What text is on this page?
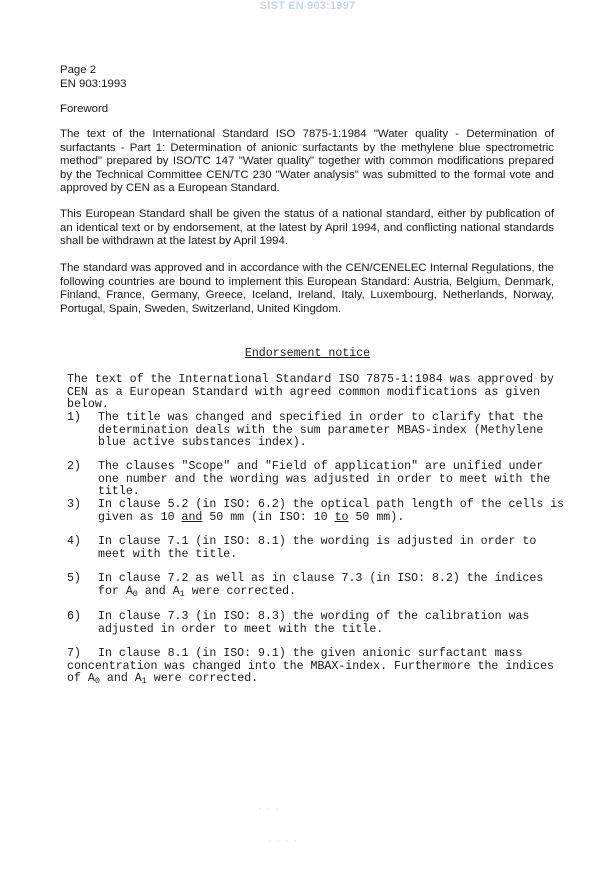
SIST EN 903:1997
Page 2
EN 903:1993
Foreword
The text of the International Standard ISO 7875-1:1984 "Water quality - Determination of surfactants - Part 1: Determination of anionic surfactants by the methylene blue spectrometric method" prepared by ISO/TC 147 "Water quality" together with common modifications prepared by the Technical Committee CEN/TC 230 "Water analysis" was submitted to the formal vote and approved by CEN as a European Standard.
This European Standard shall be given the status of a national standard, either by publication of an identical text or by endorsement, at the latest by April 1994, and conflicting national standards shall be withdrawn at the latest by April 1994.
The standard was approved and in accordance with the CEN/CENELEC Internal Regulations, the following countries are bound to implement this European Standard: Austria, Belgium, Denmark, Finland, France, Germany, Greece, Iceland, Ireland, Italy, Luxembourg, Netherlands, Norway, Portugal, Spain, Sweden, Switzerland, United Kingdom.
Endorsement notice
The text of the International Standard ISO 7875-1:1984 was approved by CEN as a European Standard with agreed common modifications as given below.
1) The title was changed and specified in order to clarify that the determination deals with the sum parameter MBAS-index (Methylene blue active substances index).
2) The clauses "Scope" and "Field of application" are unified under one number and the wording was adjusted in order to meet with the title.
3) In clause 5.2 (in ISO: 6.2) the optical path length of the cells is given as 10 and 50 mm (in ISO: 10 to 50 mm).
4) In clause 7.1 (in ISO: 8.1) the wording is adjusted in order to meet with the title.
5) In clause 7.2 as well as in clause 7.3 (in ISO: 8.2) the indices for $A_0$ and $A_1$ were corrected.
6) In clause 7.3 (in ISO: 8.3) the wording of the calibration was adjusted in order to meet with the title.
7)	In clause 8.1 (in ISO: 9.1) the given anionic surfactant mass concentration was changed into the MBAX-index. Furthermore the indices of $A_0$ and $A_1$ were corrected.
· · ·
· · · ·
